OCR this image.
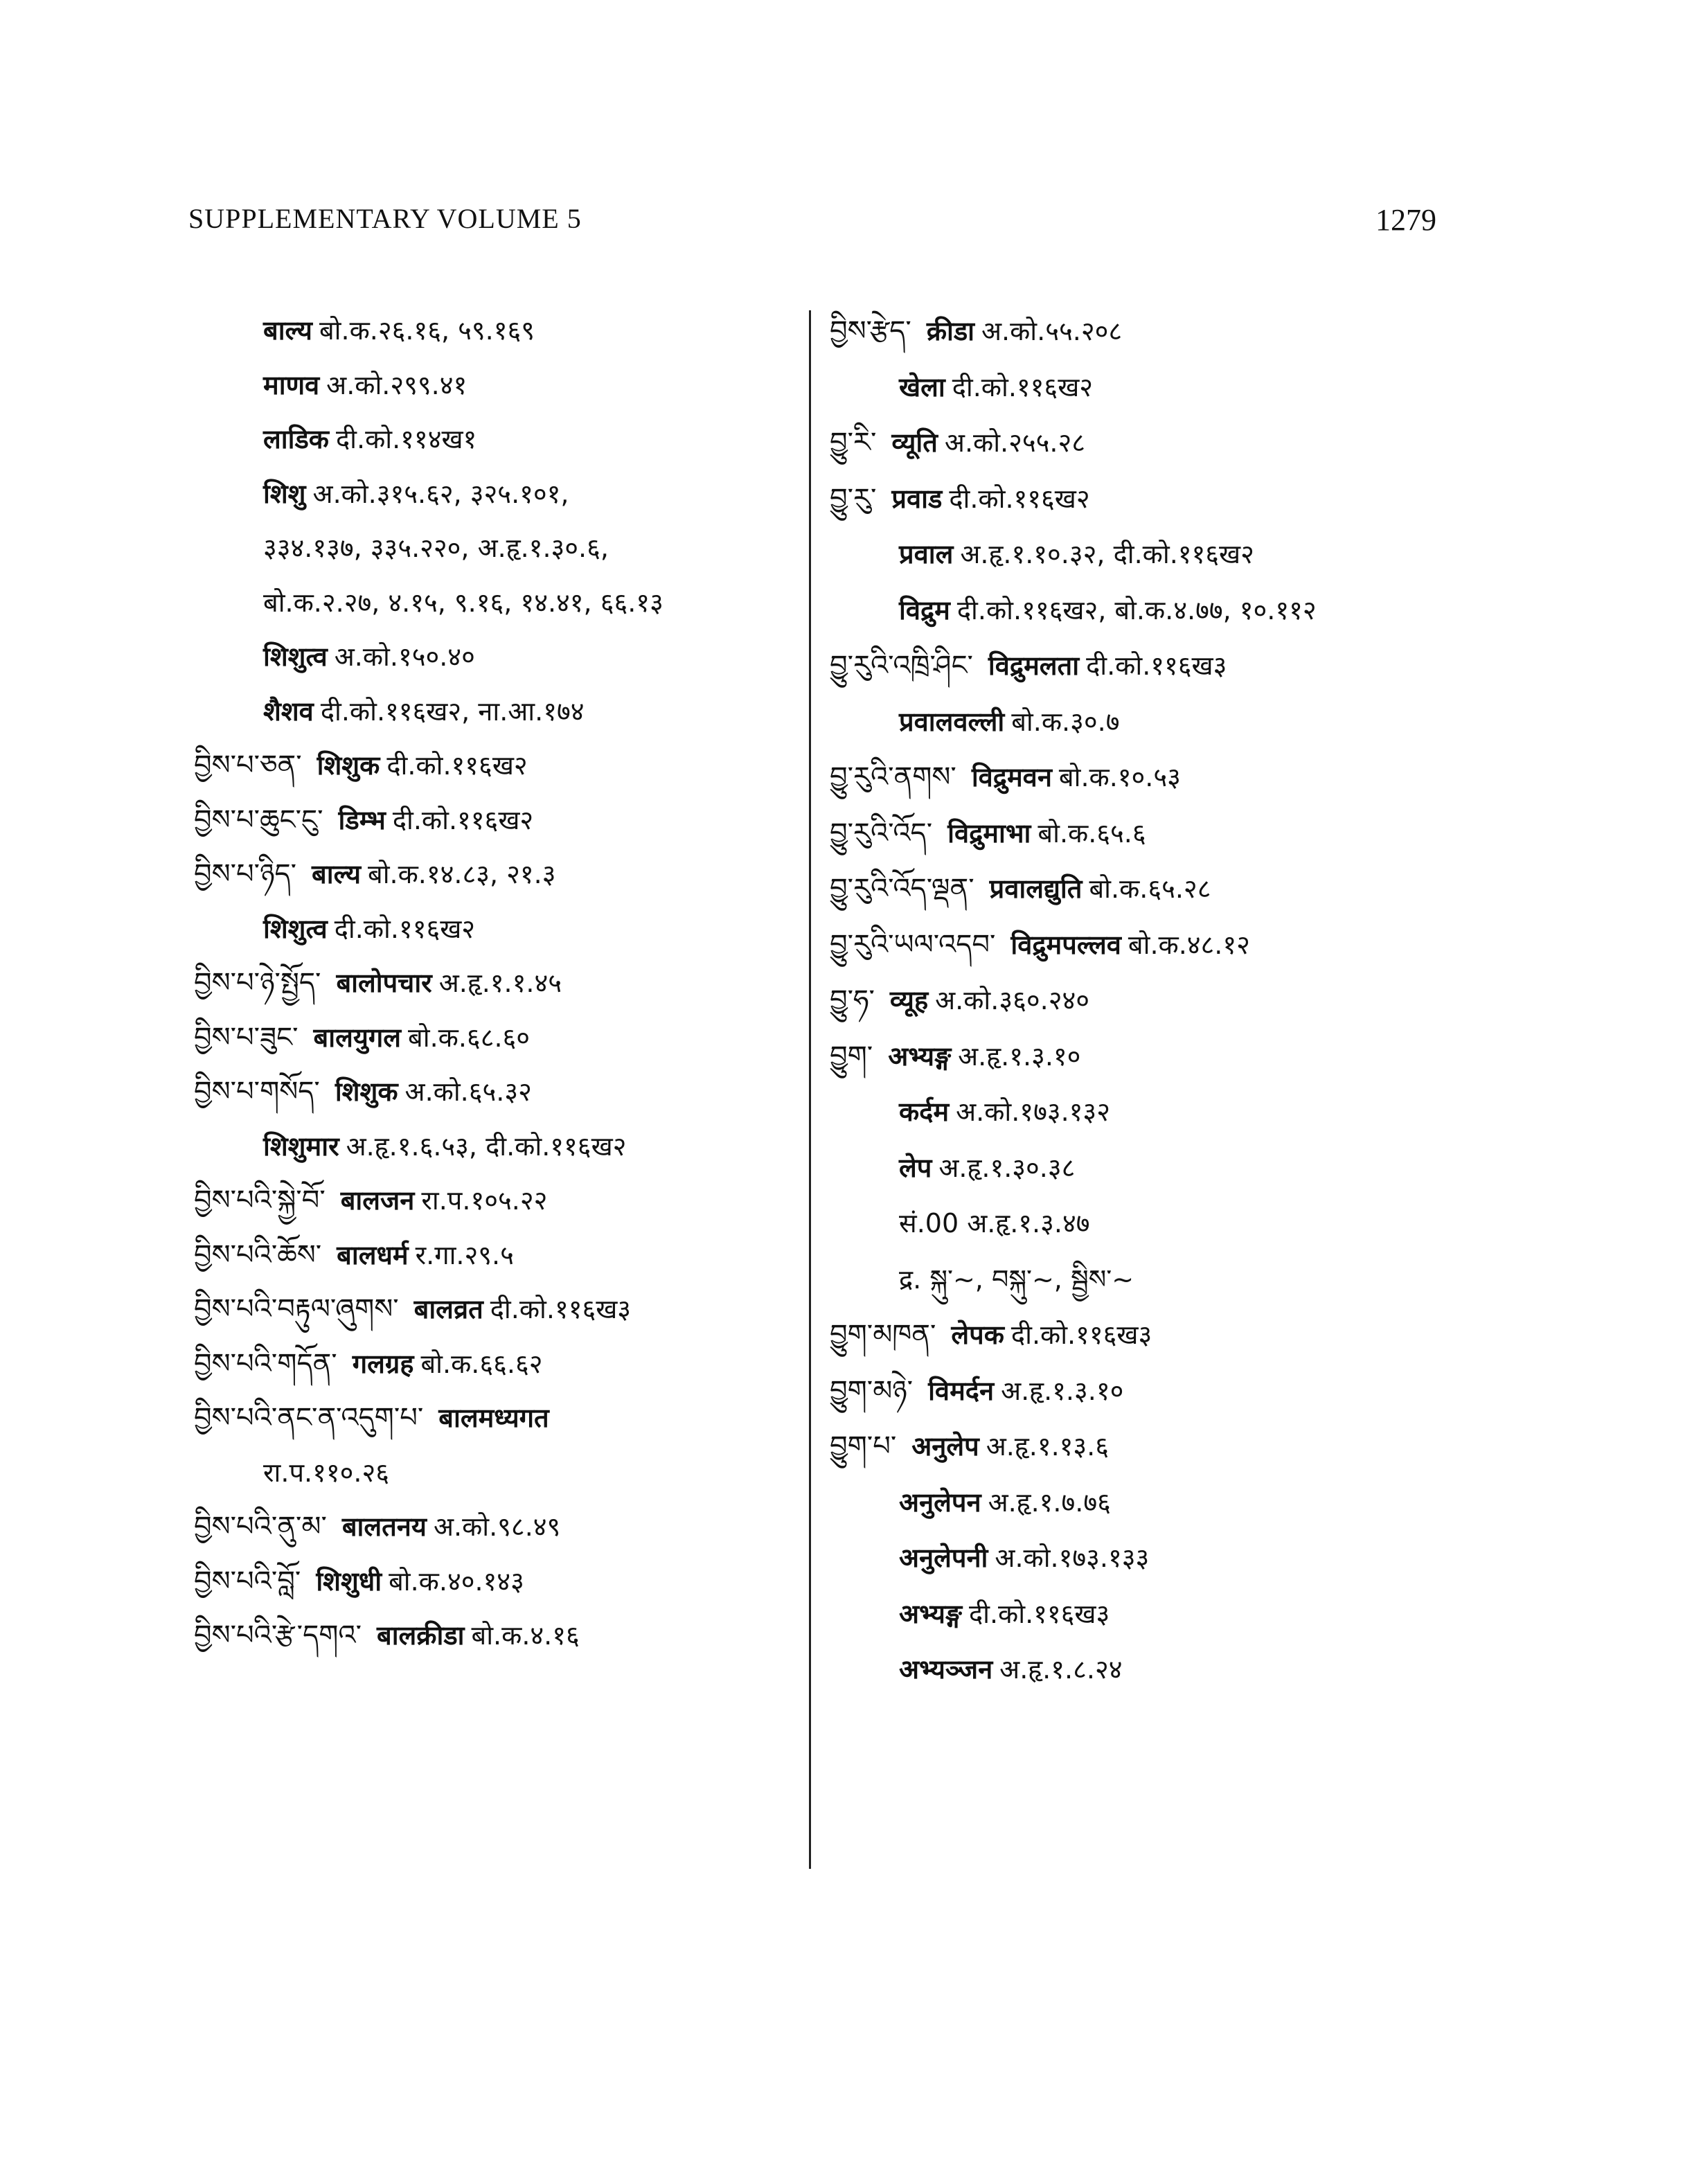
SUPPLEMENTARY VOLUME 5	1279
बाल्य बो.क.२६.१६, ५९.१६९
माणव अ.को.२९९.४१
लाडिक दी.को.११४ख१
शिशु अ.को.३१५.६२, ३२५.१०१,
३३४.१३७, ३३५.२२०, अ.हृ.१.३०.६,
बो.क.२.२७, ४.१५, ९.१६, १४.४१, ६६.१३
शिशुत्व अ.को.१५०.४०
शैशव दी.को.११६ख२, ना.आ.१७४
བྱིས་པ་ཅན་ शिशुक दी.को.११६ख२
བྱིས་པ་ཆུང་ངུ་ डिम्भ दी.को.११६ख२
བྱིས་པ་ཉིད་ बाल्य बो.क.१४.८३, २१.३
शिशुत्व दी.को.११६ख२
བྱིས་པ་ཉེ་སྤྱོད་ बालोपचार अ.हृ.१.१.४५
བྱིས་པ་ཟུང་ बालयुगल बो.क.६८.६०
བྱིས་པ་གསོད་ शिशुक अ.को.६५.३२
शिशुमार अ.हृ.१.६.५३, दी.को.११६ख२
བྱིས་པའི་སྐྱེ་བོ་ बालजन रा.प.१०५.२२
བྱིས་པའི་ཆོས་ बालधर्म र.गा.२९.५
བྱིས་པའི་བརྟུལ་ཞུགས་ बालव्रत दी.को.११६ख३
བྱིས་པའི་གདོན་ गलग्रह बो.क.६६.६२
བྱིས་པའི་ནང་ན་འདུག་པ་ बालमध्यगत
रा.प.११०.२६
བྱིས་པའི་ནུ་མ་ बालतनय अ.को.९८.४९
བྱིས་པའི་བློ་ शिशुधी बो.क.४०.१४३
བྱིས་པའི་རྩེ་དགའ་ बालक्रीडा बो.क.४.१६
བྱིས་རྩེད་ क्रीडा अ.को.५५.२०८
खेला दी.को.११६ख२
བྱུ་རི་ व्यूति अ.को.२५५.२८
བྱུ་རུ་ प्रवाड दी.को.११६ख२
प्रवाल अ.हृ.१.१०.३२, दी.को.११६ख२
विद्रुम दी.को.११६ख२, बो.क.४.७७, १०.११२
བྱུ་རུའི་འཁྲི་ཤིང་ विद्रुमलता दी.को.११६ख३
प्रवालवल्ली बो.क.३०.७
བྱུ་རུའི་ནགས་ विद्रुमवन बो.क.१०.५३
བྱུ་རུའི་འོད་ विद्रुमाभा बो.क.६५.६
བྱུ་རུའི་འོད་ལྡན་ प्रवालद्युति बो.क.६५.२८
བྱུ་རུའི་ཡལ་འདབ་ विद्रुमपल्लव बो.क.४८.१२
བྱུ་ཧ་ व्यूह अ.को.३६०.२४०
བྱུག་ अभ्यङ्ग अ.हृ.१.३.१०
कर्दम अ.को.१७३.१३२
लेप अ.हृ.१.३०.३८
सं.00 अ.हृ.१.३.४७
द्र. སྐུ་~, བསྐུ་~, སྦྱིས་~
བྱུག་མཁན་ लेपक दी.को.११६ख३
བྱུག་མཉེ་ विमर्दन अ.हृ.१.३.१०
བྱུག་པ་ अनुलेप अ.हृ.१.१३.६
अनुलेपन अ.हृ.१.७.७६
अनुलेपनी अ.को.१७३.१३३
अभ्यङ्ग दी.को.११६ख३
अभ्यञ्जन अ.हृ.१.८.२४
